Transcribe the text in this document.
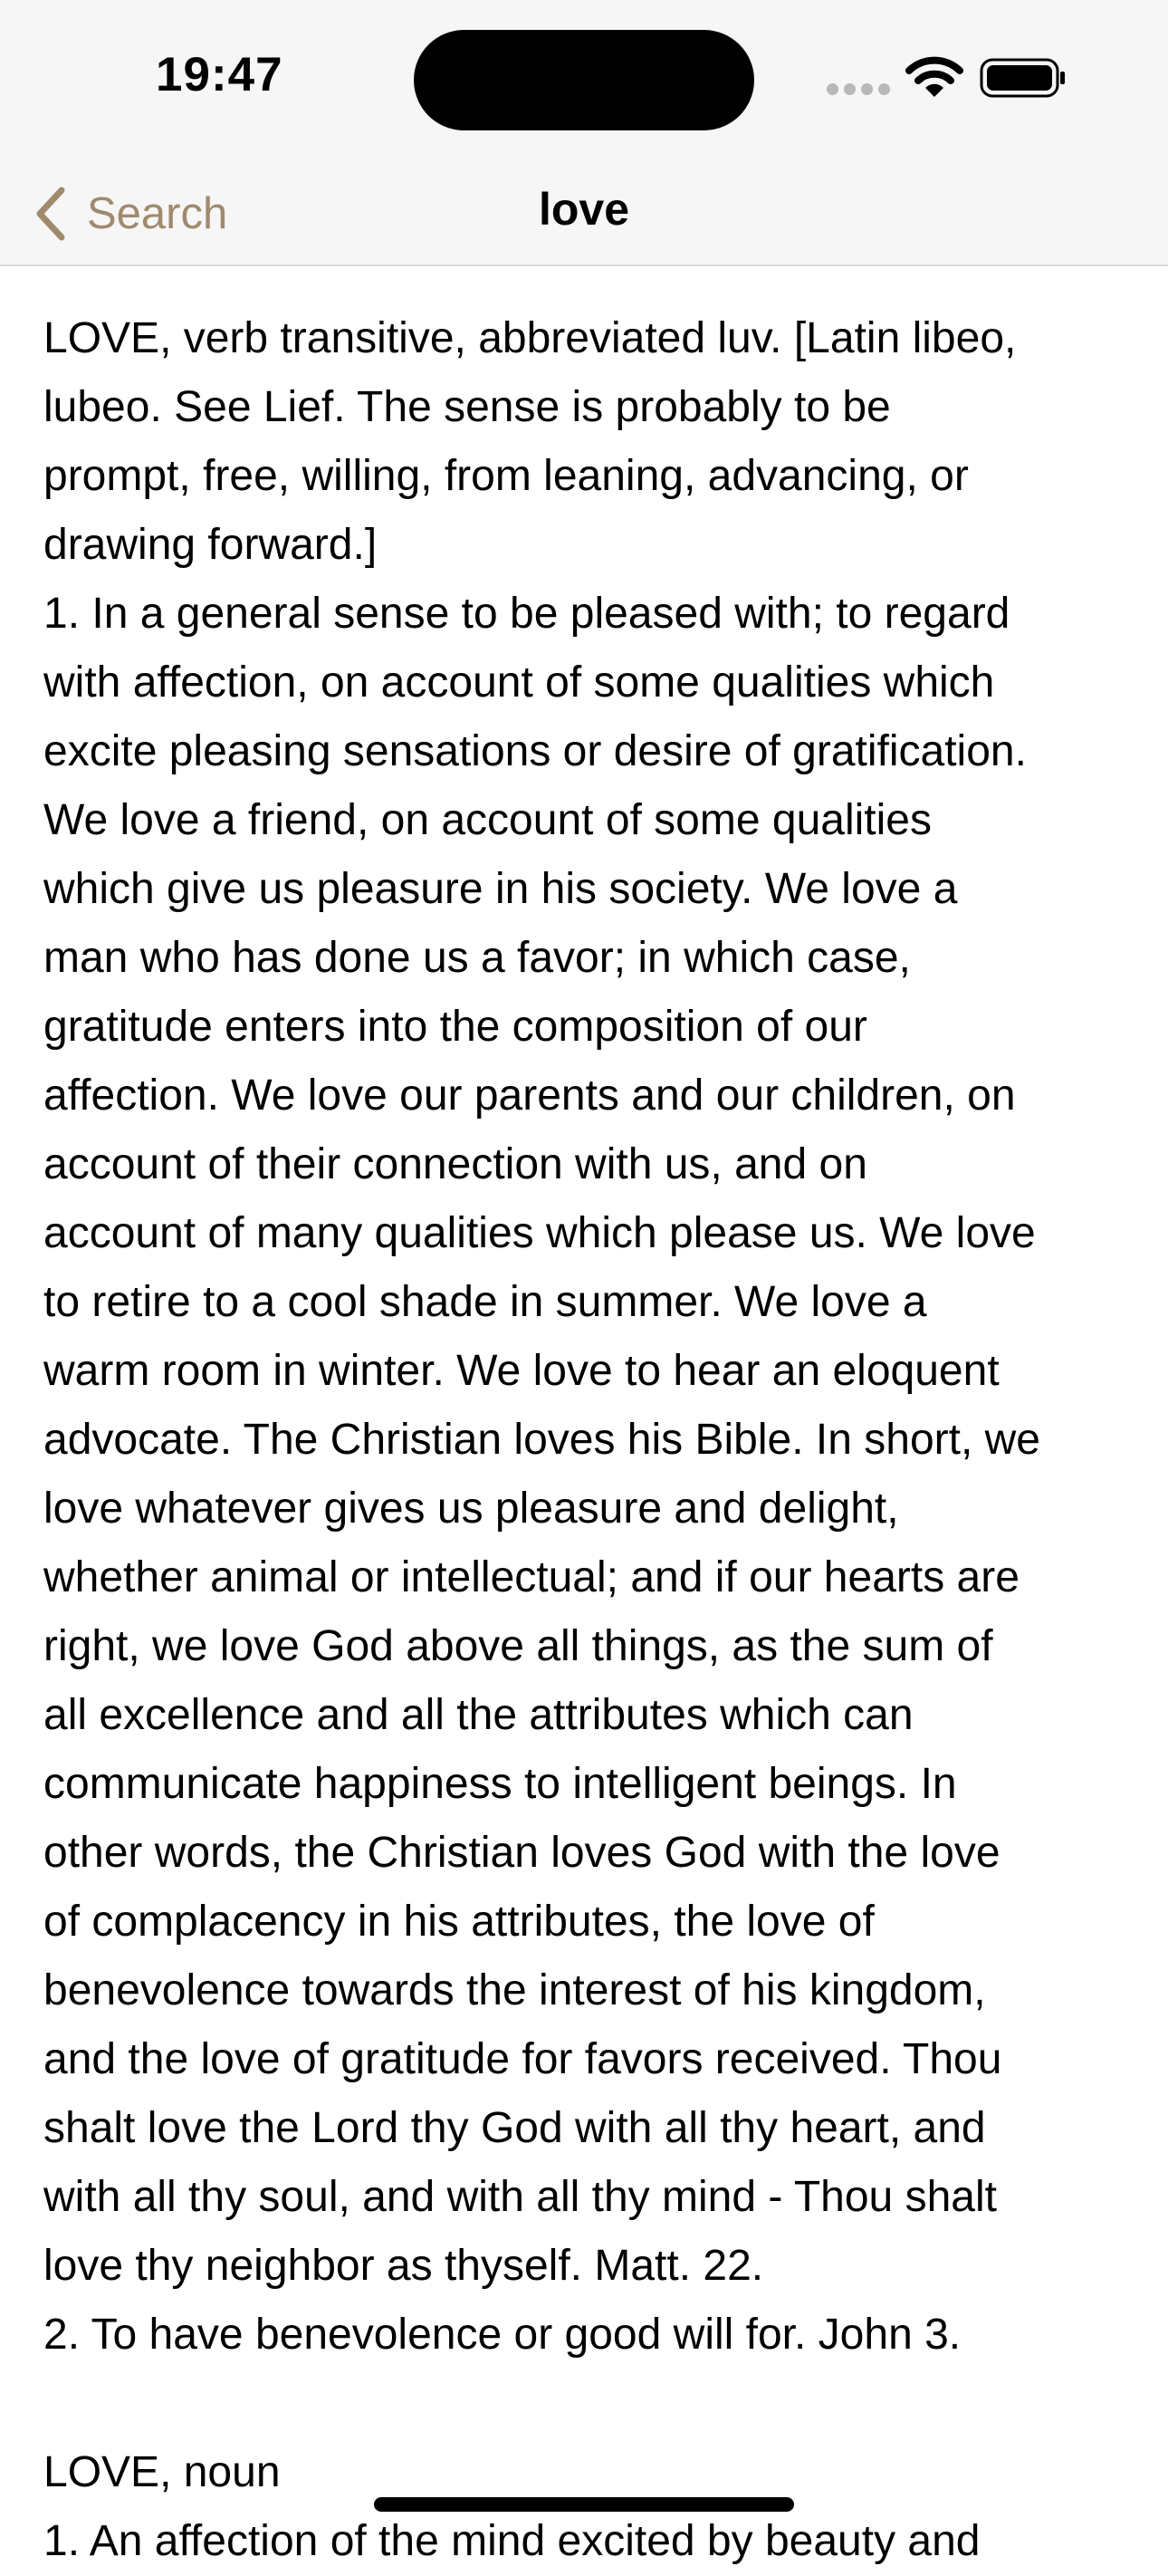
19:47
Search	love
LOVE, verb transitive, abbreviated luv. [Latin libeo,
lubeo. See Lief. The sense is probably to be
prompt, free, willing, from leaning, advancing, or
drawing forward.]
1. In a general sense to be pleased with; to regard
with affection, on account of some qualities which
excite pleasing sensations or desire of gratification.
We love a friend, on account of some qualities
which give us pleasure in his society. We love a
man who has done us a favor; in which case,
gratitude enters into the composition of our
affection. We love our parents and our children, on
account of their connection with us, and on
account of many qualities which please us. We love
to retire to a cool shade in summer. We love a
warm room in winter. We love to hear an eloquent
advocate. The Christian loves his Bible. In short, we
love whatever gives us pleasure and delight,
whether animal or intellectual; and if our hearts are
right, we love God above all things, as the sum of
all excellence and all the attributes which can
communicate happiness to intelligent beings. In
other words, the Christian loves God with the love
of complacency in his attributes, the love of
benevolence towards the interest of his kingdom,
and the love of gratitude for favors received. Thou
shalt love the Lord thy God with all thy heart, and
with all thy soul, and with all thy mind - Thou shalt
love thy neighbor as thyself. Matt. 22.
2. To have benevolence or good will for. John 3.
LOVE, noun
1. An affection of the mind excited by beauty and
